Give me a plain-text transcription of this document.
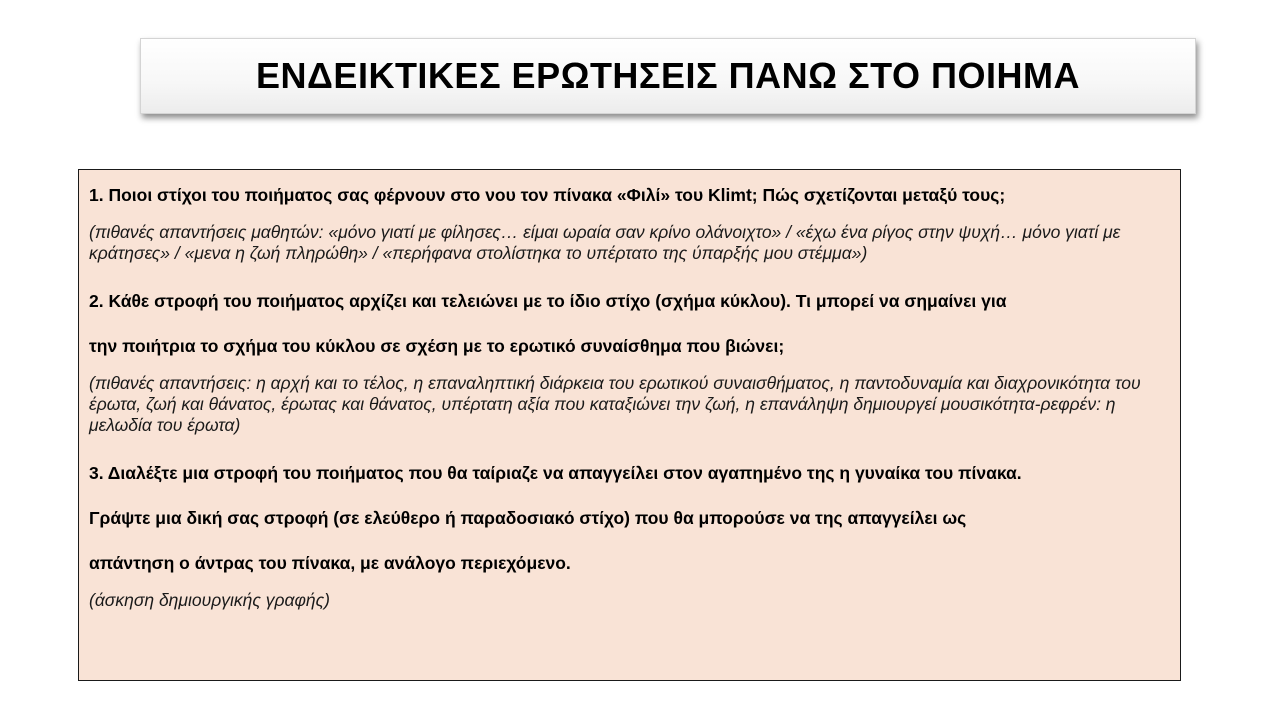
ΕΝΔΕΙΚΤΙΚΕΣ ΕΡΩΤΗΣΕΙΣ ΠΑΝΩ ΣΤΟ ΠΟΙΗΜΑ

1. Ποιοι στίχοι του ποιήματος σας φέρνουν στο νου τον πίνακα «Φιλί» του Klimt; Πώς σχετίζονται μεταξύ τους;

(πιθανές απαντήσεις μαθητών: «μόνο γιατί με φίλησες… είμαι ωραία σαν κρίνο ολάνοιχτο» / «έχω ένα ρίγος στην ψυχή… μόνο γιατί με κράτησες» / «μενα η ζωή πληρώθη» / «περήφανα στολίστηκα το υπέρτατο της ύπαρξής μου στέμμα»)

2. Κάθε στροφή του ποιήματος αρχίζει και τελειώνει με το ίδιο στίχο (σχήμα κύκλου). Τι μπορεί να σημαίνει για

την ποιήτρια το σχήμα του κύκλου σε σχέση με το ερωτικό συναίσθημα που βιώνει;

(πιθανές απαντήσεις: η αρχή και το τέλος, η επαναληπτική διάρκεια του ερωτικού συναισθήματος, η παντοδυναμία και διαχρονικότητα του έρωτα, ζωή και θάνατος, έρωτας και θάνατος, υπέρτατη αξία που καταξιώνει την ζωή, η επανάληψη δημιουργεί μουσικότητα-ρεφρέν: η μελωδία του έρωτα)

3. Διαλέξτε μια στροφή του ποιήματος που θα ταίριαζε να απαγγείλει στον αγαπημένο της η γυναίκα του πίνακα.

Γράψτε μια δική σας στροφή (σε ελεύθερο ή παραδοσιακό στίχο) που θα μπορούσε να της απαγγείλει ως

απάντηση ο άντρας του πίνακα, με ανάλογο περιεχόμενο.

(άσκηση δημιουργικής γραφής)
